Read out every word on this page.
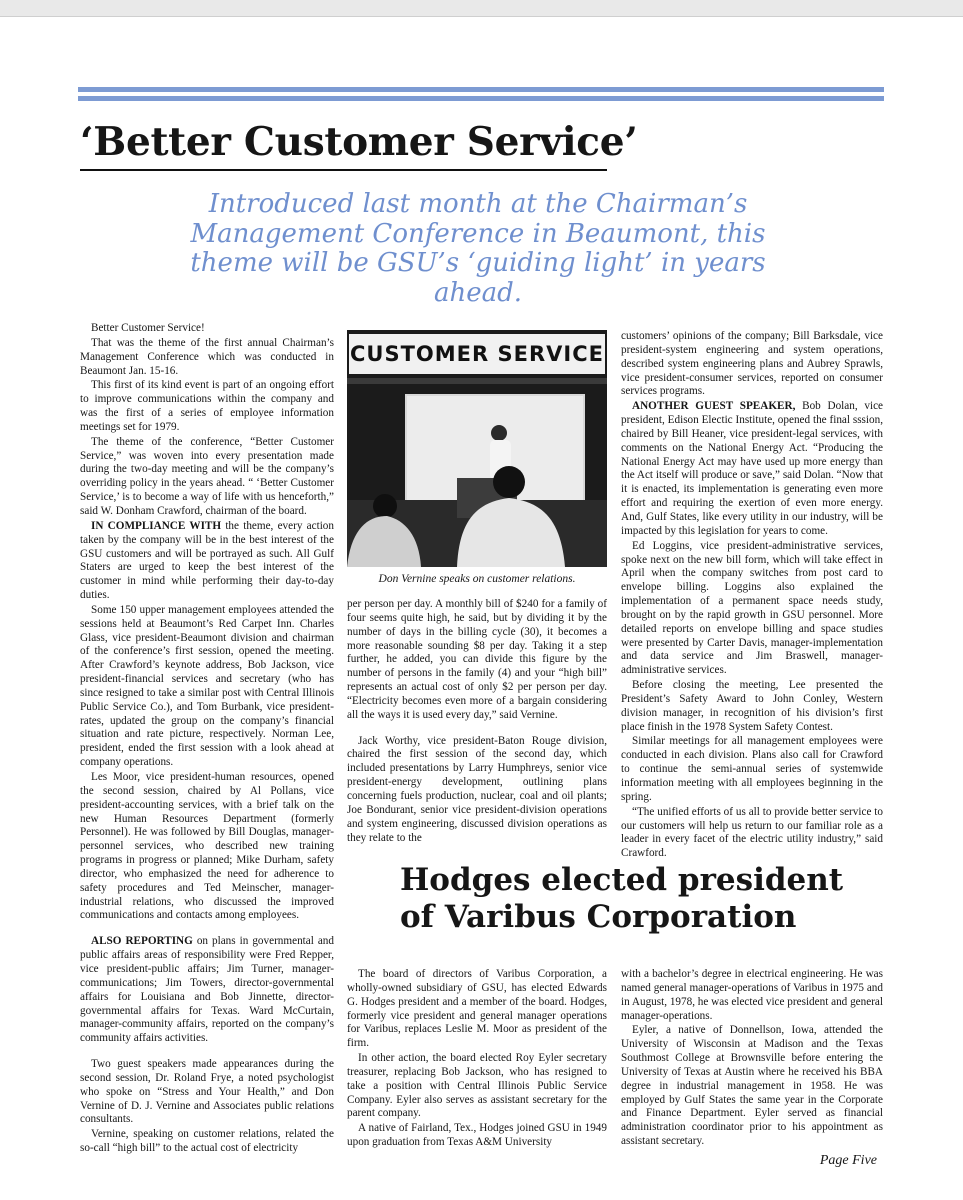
‘Better Customer Service’

Introduced last month at the Chairman’s Management Conference in Beaumont, this theme will be GSU’s ‘guiding light’ in years ahead.

Better Customer Service!

That was the theme of the first annual Chairman’s Management Conference which was conducted in Beaumont Jan. 15-16.

This first of its kind event is part of an ongoing effort to improve communications within the company and was the first of a series of employee information meetings set for 1979.

The theme of the conference, “Better Customer Service,” was woven into every presentation made during the two-day meeting and will be the company’s overriding policy in the years ahead. “ ‘Better Customer Service,’ is to become a way of life with us henceforth,” said W. Donham Crawford, chairman of the board.

IN COMPLIANCE WITH the theme, every action taken by the company will be in the best interest of the GSU customers and will be portrayed as such. All Gulf Staters are urged to keep the best interest of the customer in mind while performing their day-to-day duties.

Some 150 upper management employees attended the sessions held at Beaumont’s Red Carpet Inn. Charles Glass, vice president-Beaumont division and chairman of the conference’s first session, opened the meeting. After Crawford’s keynote address, Bob Jackson, vice president-financial services and secretary (who has since resigned to take a similar post with Central Illinois Public Service Co.), and Tom Burbank, vice president-rates, updated the group on the company’s financial situation and rate picture, respectively. Norman Lee, president, ended the first session with a look ahead at company operations.

Les Moor, vice president-human resources, opened the second session, chaired by Al Pollans, vice president-accounting services, with a brief talk on the new Human Resources Department (formerly Personnel). He was followed by Bill Douglas, manager-personnel services, who described new training programs in progress or planned; Mike Durham, safety director, who emphasized the need for adherence to safety procedures and Ted Meinscher, manager-industrial relations, who discussed the improved communications and contacts among employees.

ALSO REPORTING on plans in governmental and public affairs areas of responsibility were Fred Repper, vice president-public affairs; Jim Turner, manager-communications; Jim Towers, director-governmental affairs for Louisiana and Bob Jinnette, director-governmental affairs for Texas. Ward McCurtain, manager-community affairs, reported on the company’s community affairs activities.

Two guest speakers made appearances during the second session, Dr. Roland Frye, a noted psychologist who spoke on “Stress and Your Health,” and Don Vernine of D. J. Vernine and Associates public relations consultants.

Vernine, speaking on customer relations, related the so-call “high bill” to the actual cost of electricity

CUSTOMER SERVICE

Don Vernine speaks on customer relations.

per person per day. A monthly bill of $240 for a family of four seems quite high, he said, but by dividing it by the number of days in the billing cycle (30), it becomes a more reasonable sounding $8 per day. Taking it a step further, he added, you can divide this figure by the number of persons in the family (4) and your “high bill” represents an actual cost of only $2 per person per day. “Electricity becomes even more of a bargain considering all the ways it is used every day,” said Vernine.

Jack Worthy, vice president-Baton Rouge division, chaired the first session of the second day, which included presentations by Larry Humphreys, senior vice president-energy development, outlining plans concerning fuels production, nuclear, coal and oil plants; Joe Bondurant, senior vice president-division operations and system engineering, discussed division operations as they relate to the

customers’ opinions of the company; Bill Barksdale, vice president-system engineering and system operations, described system engineering plans and Aubrey Sprawls, vice president-consumer services, reported on consumer services programs.

ANOTHER GUEST SPEAKER, Bob Dolan, vice president, Edison Electic Institute, opened the final sssion, chaired by Bill Heaner, vice president-legal services, with comments on the National Energy Act. “Producing the National Energy Act may have used up more energy than the Act itself will produce or save,” said Dolan. “Now that it is enacted, its implementation is generating even more effort and requiring the exertion of even more energy. And, Gulf States, like every utility in our industry, will be impacted by this legislation for years to come.

Ed Loggins, vice president-administrative services, spoke next on the new bill form, which will take effect in April when the company switches from post card to envelope billing. Loggins also explained the implementation of a permanent space needs study, brought on by the rapid growth in GSU personnel. More detailed reports on envelope billing and space studies were presented by Carter Davis, manager-implementation and data service and Jim Braswell, manager-administrative services.

Before closing the meeting, Lee presented the President’s Safety Award to John Conley, Western division manager, in recognition of his division’s first place finish in the 1978 System Safety Contest.

Similar meetings for all management employees were conducted in each division. Plans also call for Crawford to continue the semi-annual series of systemwide information meeting with all employees beginning in the spring.

“The unified efforts of us all to provide better service to our customers will help us return to our familiar role as a leader in every facet of the electric utility industry,” said Crawford.

Hodges elected president
of Varibus Corporation

The board of directors of Varibus Corporation, a wholly-owned subsidiary of GSU, has elected Edwards G. Hodges president and a member of the board. Hodges, formerly vice president and general manager operations for Varibus, replaces Leslie M. Moor as president of the firm.

In other action, the board elected Roy Eyler secretary treasurer, replacing Bob Jackson, who has resigned to take a position with Central Illinois Public Service Company. Eyler also serves as assistant secretary for the parent company.

A native of Fairland, Tex., Hodges joined GSU in 1949 upon graduation from Texas A&M University

with a bachelor’s degree in electrical engineering. He was named general manager-operations of Varibus in 1975 and in August, 1978, he was elected vice president and general manager-operations.

Eyler, a native of Donnellson, Iowa, attended the University of Wisconsin at Madison and the Texas Southmost College at Brownsville before entering the University of Texas at Austin where he received his BBA degree in industrial management in 1958. He was employed by Gulf States the same year in the Corporate and Finance Department. Eyler served as financial administration coordinator prior to his appointment as assistant secretary.

Page Five
